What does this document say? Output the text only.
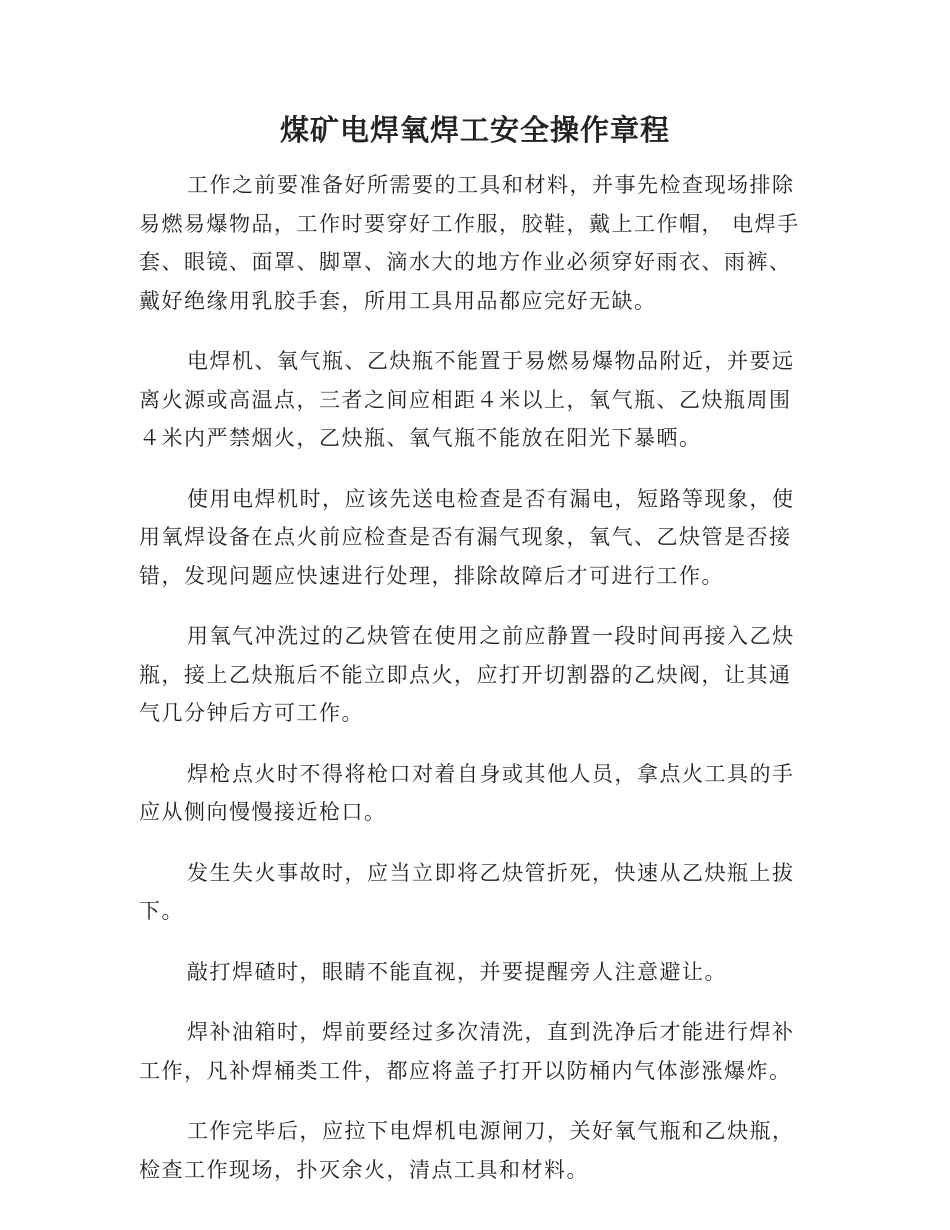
煤矿电焊氧焊工安全操作章程

工作之前要准备好所需要的工具和材料，并事先检查现场排除易燃易爆物品，工作时要穿好工作服，胶鞋，戴上工作帽， 电焊手套、眼镜、面罩、脚罩、滴水大的地方作业必须穿好雨衣、雨裤、戴好绝缘用乳胶手套，所用工具用品都应完好无缺。

电焊机、氧气瓶、乙炔瓶不能置于易燃易爆物品附近，并要远离火源或高温点，三者之间应相距４米以上，氧气瓶、乙炔瓶周围４米内严禁烟火，乙炔瓶、氧气瓶不能放在阳光下暴晒。

使用电焊机时，应该先送电检查是否有漏电，短路等现象，使用氧焊设备在点火前应检查是否有漏气现象，氧气、乙炔管是否接错，发现问题应快速进行处理，排除故障后才可进行工作。

用氧气冲洗过的乙炔管在使用之前应静置一段时间再接入乙炔瓶，接上乙炔瓶后不能立即点火，应打开切割器的乙炔阀，让其通气几分钟后方可工作。

焊枪点火时不得将枪口对着自身或其他人员，拿点火工具的手应从侧向慢慢接近枪口。

发生失火事故时，应当立即将乙炔管折死，快速从乙炔瓶上拔下。

敲打焊碴时，眼睛不能直视，并要提醒旁人注意避让。

焊补油箱时，焊前要经过多次清洗，直到洗净后才能进行焊补工作，凡补焊桶类工件，都应将盖子打开以防桶内气体澎涨爆炸。

工作完毕后，应拉下电焊机电源闸刀，关好氧气瓶和乙炔瓶，检查工作现场，扑灭余火，清点工具和材料。
